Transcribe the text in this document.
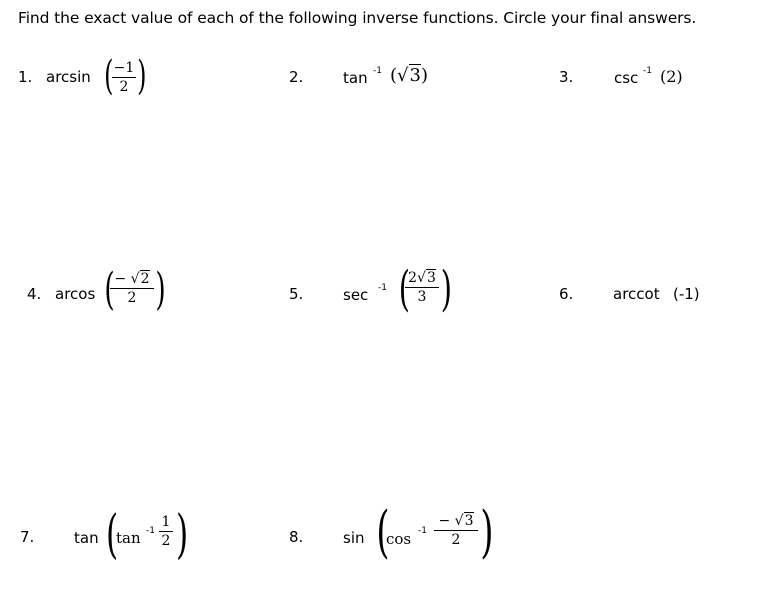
Find the exact value of each of the following inverse functions. Circle your final answers.
1. arcsin ( −1
2 )	2.	tan -1 (√3)	3.	csc -1 (2)
4. arcos ( − √2
2 )	5.	sec -1 (
2√3
3 )	6.	arccot (-1)
7.	tan (
tan -1
1
2 )	8.	sin (
cos -1
− √3
2 )
